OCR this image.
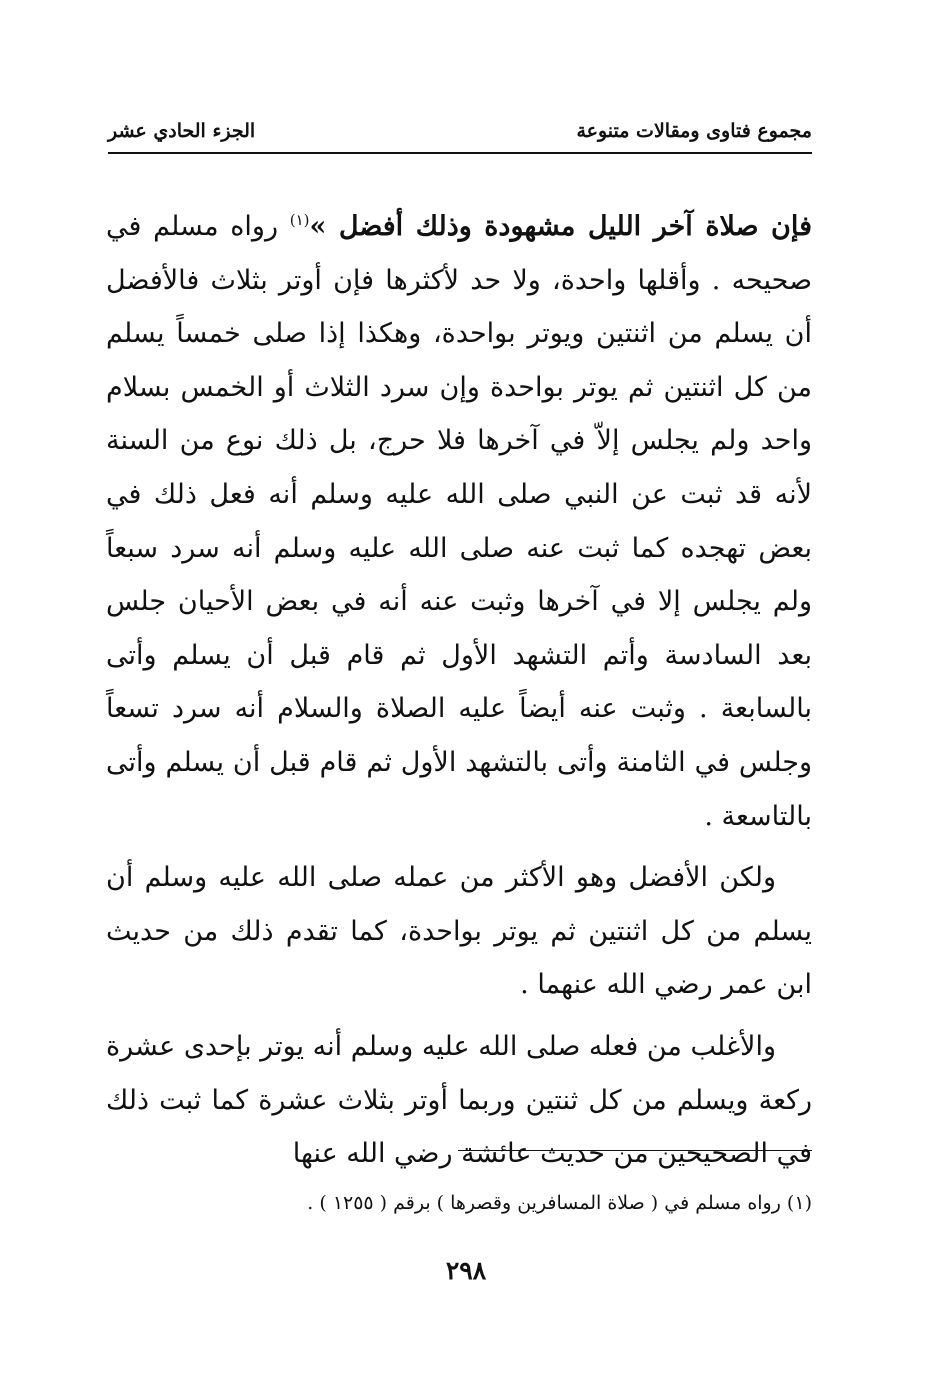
مجموع فتاوى ومقالات متنوعة
الجزء الحادي عشر

فإن صلاة آخر الليل مشهودة وذلك أفضل »$^{(١)}$ رواه مسلم في صحيحه . وأقلها واحدة، ولا حد لأكثرها فإن أوتر بثلاث فالأفضل أن يسلم من اثنتين ويوتر بواحدة، وهكذا إذا صلى خمساً يسلم من كل اثنتين ثم يوتر بواحدة وإن سرد الثلاث أو الخمس بسلام واحد ولم يجلس إلاّ في آخرها فلا حرج، بل ذلك نوع من السنة لأنه قد ثبت عن النبي صلى الله عليه وسلم أنه فعل ذلك في بعض تهجده كما ثبت عنه صلى الله عليه وسلم أنه سرد سبعاً ولم يجلس إلا في آخرها وثبت عنه أنه في بعض الأحيان جلس بعد السادسة وأتم التشهد الأول ثم قام قبل أن يسلم وأتى بالسابعة . وثبت عنه أيضاً عليه الصلاة والسلام أنه سرد تسعاً وجلس في الثامنة وأتى بالتشهد الأول ثم قام قبل أن يسلم وأتى بالتاسعة .

ولكن الأفضل وهو الأكثر من عمله صلى الله عليه وسلم أن يسلم من كل اثنتين ثم يوتر بواحدة، كما تقدم ذلك من حديث ابن عمر رضي الله عنهما .

والأغلب من فعله صلى الله عليه وسلم أنه يوتر بإحدى عشرة ركعة ويسلم من كل ثنتين وربما أوتر بثلاث عشرة كما ثبت ذلك في الصحيحين من حديث عائشة رضي الله عنها

(١) رواه مسلم في ( صلاة المسافرين وقصرها ) برقم ( ١٢٥٥ ) .
٢٩٨
